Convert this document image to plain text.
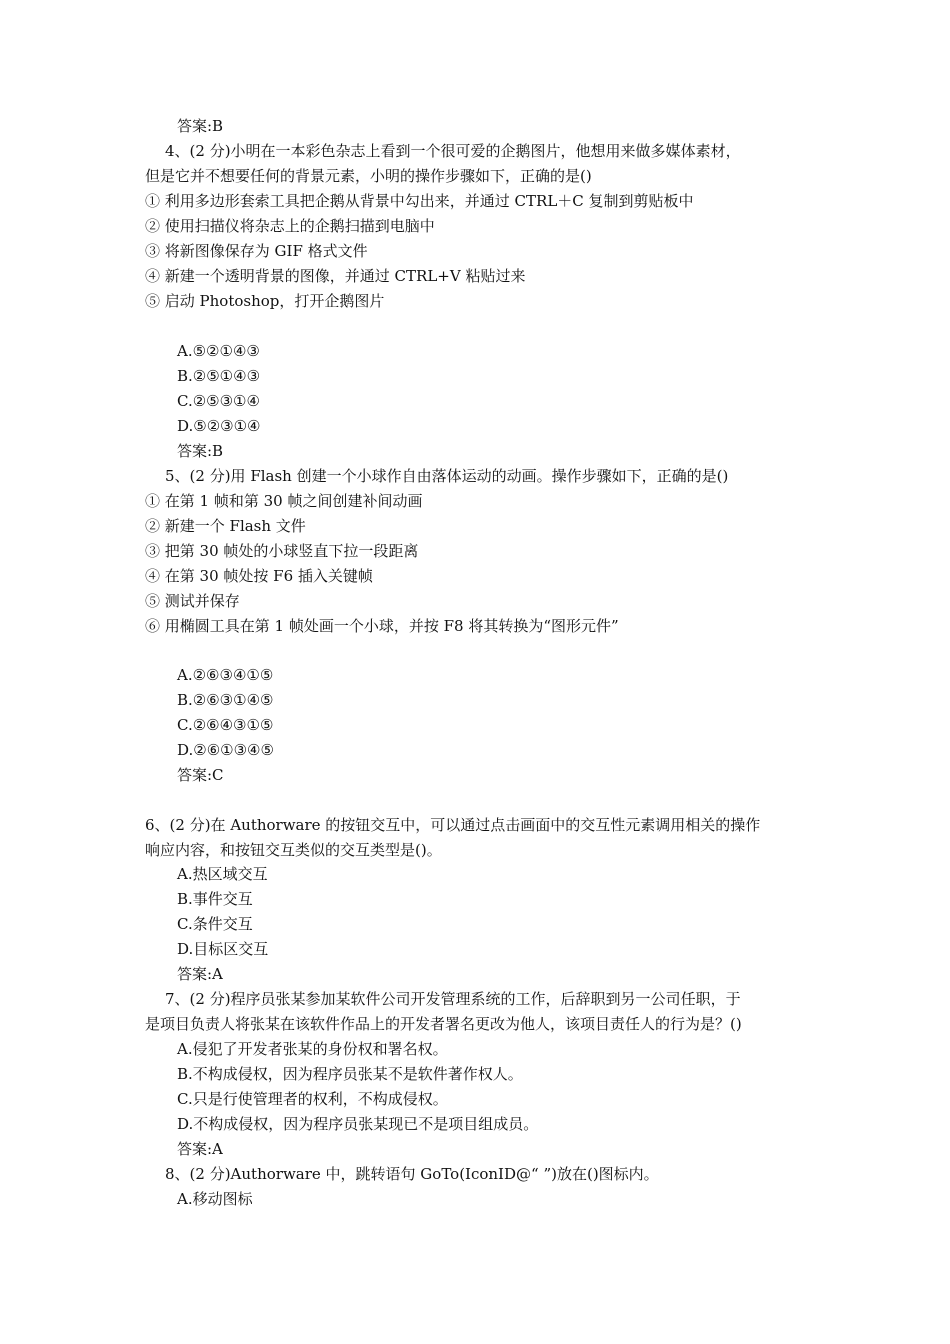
答案:B
4、(2 分)小明在一本彩色杂志上看到一个很可爱的企鹅图片，他想用来做多媒体素材，
但是它并不想要任何的背景元素，小明的操作步骤如下，正确的是()
① 利用多边形套索工具把企鹅从背景中勾出来，并通过 CTRL＋C 复制到剪贴板中
② 使用扫描仪将杂志上的企鹅扫描到电脑中
③ 将新图像保存为 GIF 格式文件
④ 新建一个透明背景的图像，并通过 CTRL+V 粘贴过来
⑤ 启动 Photoshop，打开企鹅图片
A.⑤②①④③
B.②⑤①④③
C.②⑤③①④
D.⑤②③①④
答案:B
5、(2 分)用 Flash 创建一个小球作自由落体运动的动画。操作步骤如下，正确的是()
① 在第 1 帧和第 30 帧之间创建补间动画
② 新建一个 Flash 文件
③ 把第 30 帧处的小球竖直下拉一段距离
④ 在第 30 帧处按 F6 插入关键帧
⑤ 测试并保存
⑥ 用椭圆工具在第 1 帧处画一个小球，并按 F8 将其转换为“图形元件”
A.②⑥③④①⑤
B.②⑥③①④⑤
C.②⑥④③①⑤
D.②⑥①③④⑤
答案:C
6、(2 分)在 Authorware 的按钮交互中，可以通过点击画面中的交互性元素调用相关的操作
响应内容，和按钮交互类似的交互类型是()。
A.热区域交互
B.事件交互
C.条件交互
D.目标区交互
答案:A
7、(2 分)程序员张某参加某软件公司开发管理系统的工作，后辞职到另一公司任职，于
是项目负责人将张某在该软件作品上的开发者署名更改为他人，该项目责任人的行为是？()
A.侵犯了开发者张某的身份权和署名权。
B.不构成侵权，因为程序员张某不是软件著作权人。
C.只是行使管理者的权利，不构成侵权。
D.不构成侵权，因为程序员张某现已不是项目组成员。
答案:A
8、(2 分)Authorware 中，跳转语句 GoTo(IconID@“ ”)放在()图标内。
A.移动图标
